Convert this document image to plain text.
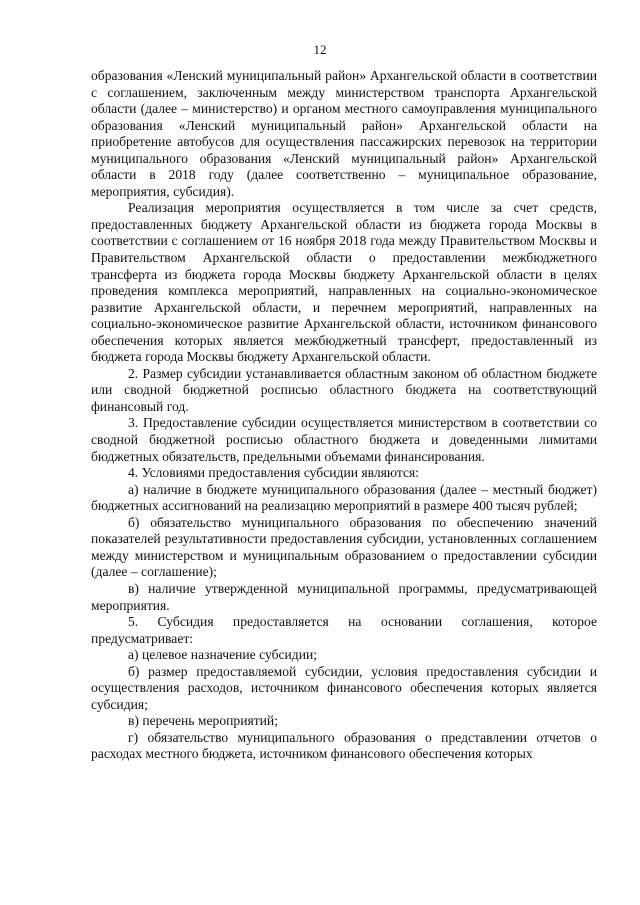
12

образования «Ленский муниципальный район» Архангельской области в соответствии с соглашением, заключенным между министерством транспорта Архангельской области (далее – министерство) и органом местного самоуправления муниципального образования «Ленский муниципальный район» Архангельской области на приобретение автобусов для осуществления пассажирских перевозок на территории муниципального образования «Ленский муниципальный район» Архангельской области в 2018 году (далее соответственно – муниципальное образование, мероприятия, субсидия).

Реализация мероприятия осуществляется в том числе за счет средств, предоставленных бюджету Архангельской области из бюджета города Москвы в соответствии с соглашением от 16 ноября 2018 года между Правительством Москвы и Правительством Архангельской области о предоставлении межбюджетного трансферта из бюджета города Москвы бюджету Архангельской области в целях проведения комплекса мероприятий, направленных на социально-экономическое развитие Архангельской области, и перечнем мероприятий, направленных на социально-экономическое развитие Архангельской области, источником финансового обеспечения которых является межбюджетный трансферт, предоставленный из бюджета города Москвы бюджету Архангельской области.

2. Размер субсидии устанавливается областным законом об областном бюджете или сводной бюджетной росписью областного бюджета на соответствующий финансовый год.

3. Предоставление субсидии осуществляется министерством в соответствии со сводной бюджетной росписью областного бюджета и доведенными лимитами бюджетных обязательств, предельными объемами финансирования.

4. Условиями предоставления субсидии являются:

а) наличие в бюджете муниципального образования (далее – местный бюджет) бюджетных ассигнований на реализацию мероприятий в размере 400 тысяч рублей;

б) обязательство муниципального образования по обеспечению значений показателей результативности предоставления субсидии, установленных соглашением между министерством и муниципальным образованием о предоставлении субсидии (далее – соглашение);

в) наличие утвержденной муниципальной программы, предусматривающей мероприятия.

5. Субсидия предоставляется на основании соглашения, которое предусматривает:

а) целевое назначение субсидии;

б) размер предоставляемой субсидии, условия предоставления субсидии и осуществления расходов, источником финансового обеспечения которых является субсидия;

в) перечень мероприятий;

г) обязательство муниципального образования о представлении отчетов о расходах местного бюджета, источником финансового обеспечения которых
